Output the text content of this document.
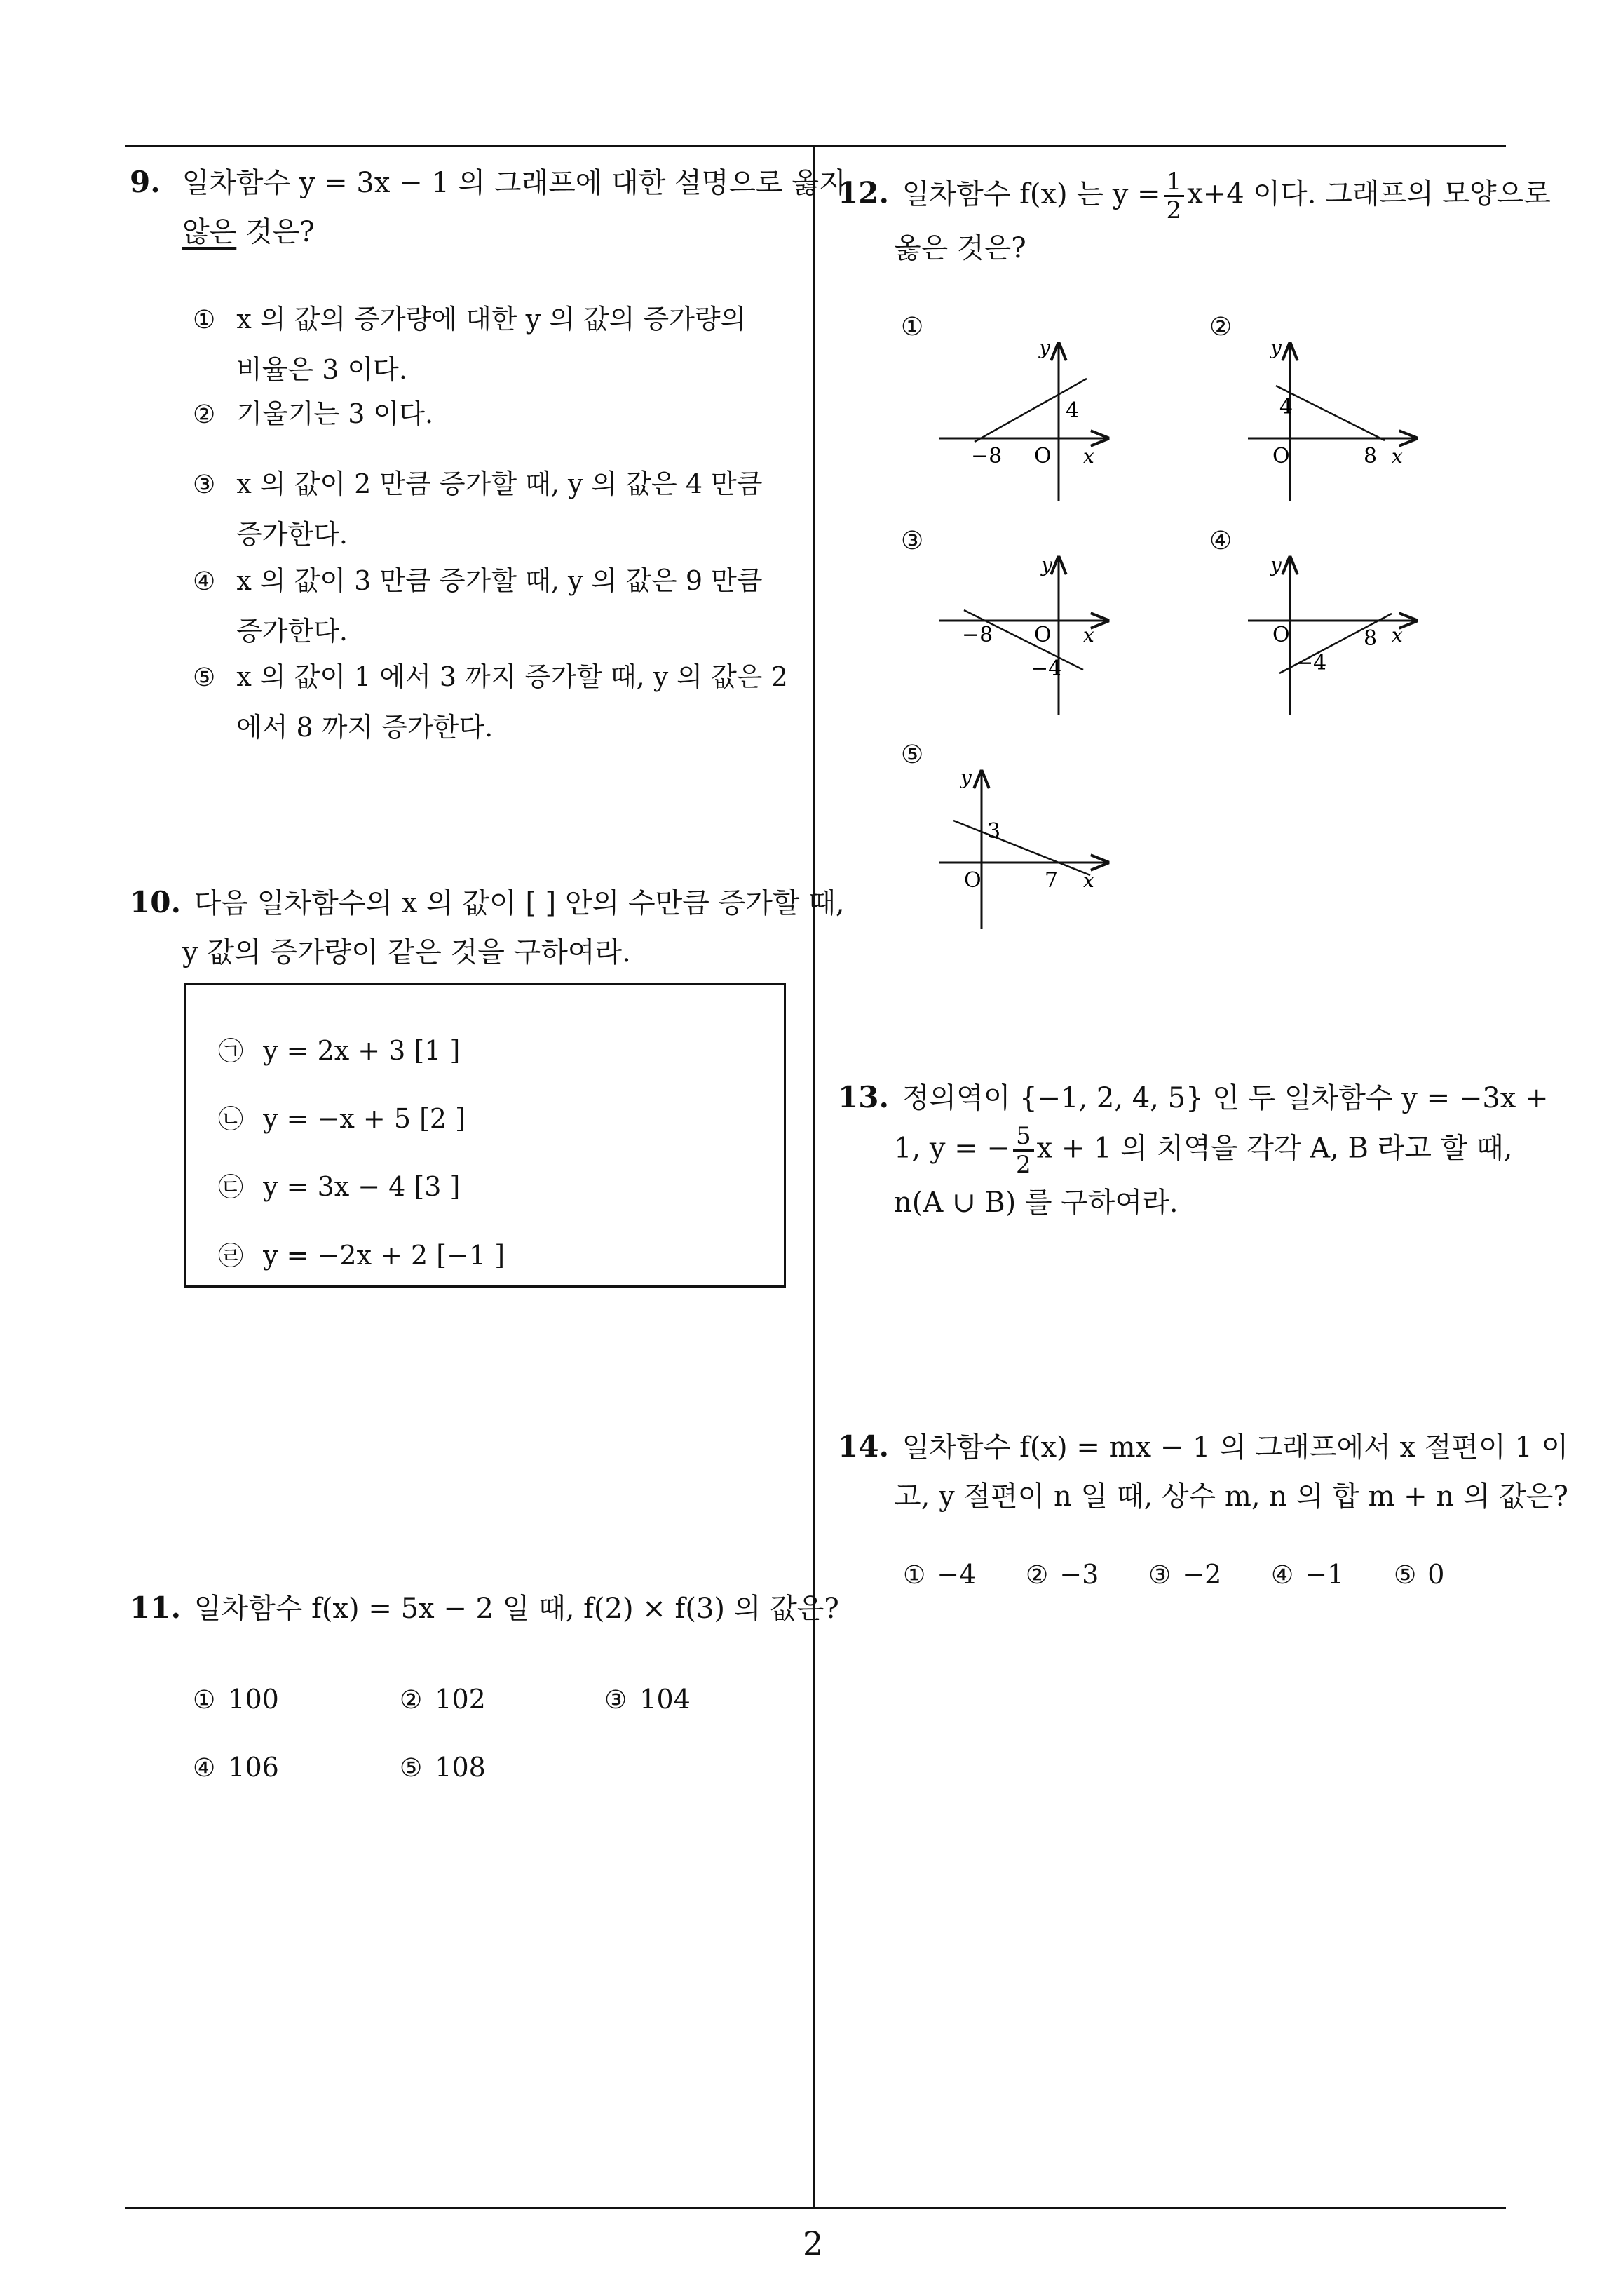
9. 일차함수 y = 3x − 1 의 그래프에 대한 설명으로 옳지
않은 것은?
① x 의 값의 증가량에 대한 y 의 값의 증가량의
비율은 3 이다.
② 기울기는 3 이다.
③ x 의 값이 2 만큼 증가할 때, y 의 값은 4 만큼
증가한다.
④ x 의 값이 3 만큼 증가할 때, y 의 값은 9 만큼
증가한다.
⑤ x 의 값이 1 에서 3 까지 증가할 때, y 의 값은 2
에서 8 까지 증가한다.
10. 다음 일차함수의 x 의 값이 [ ] 안의 수만큼 증가할 때,
y 값의 증가량이 같은 것을 구하여라.
㉠ y = 2x + 3 [1 ]
㉡ y = −x + 5 [2 ]
㉢ y = 3x − 4 [3 ]
㉣ y = −2x + 2 [−1 ]
11. 일차함수 f(x) = 5x − 2 일 때, f(2) × f(3) 의 값은?
① 100	② 102	③ 104
④ 106	⑤ 108
12. 일차함수 f(x) 는 $y = \frac{1}{2} x+4$ 이다. 그래프의 모양으로
옳은 것은?
①	②
③	④
⑤
y
4
−8 O x
y
4
O	8 x
y
−8 O x
−4
y
O	8 x
−4
y
3
O	7 x
13. 정의역이 {−1, 2, 4, 5} 인 두 일차함수 y = −3x +
1, y = − $\frac{5}{2}$ x + 1 의 치역을 각각 A, B 라고 할 때,
n(A ∪ B) 를 구하여라.
14. 일차함수 f(x) = mx − 1 의 그래프에서 x 절편이 1 이
고, y 절편이 n 일 때, 상수 m, n 의 합 m + n 의 값은?
① −4 ② −3 ③ −2 ④ −1 ⑤ 0
2
